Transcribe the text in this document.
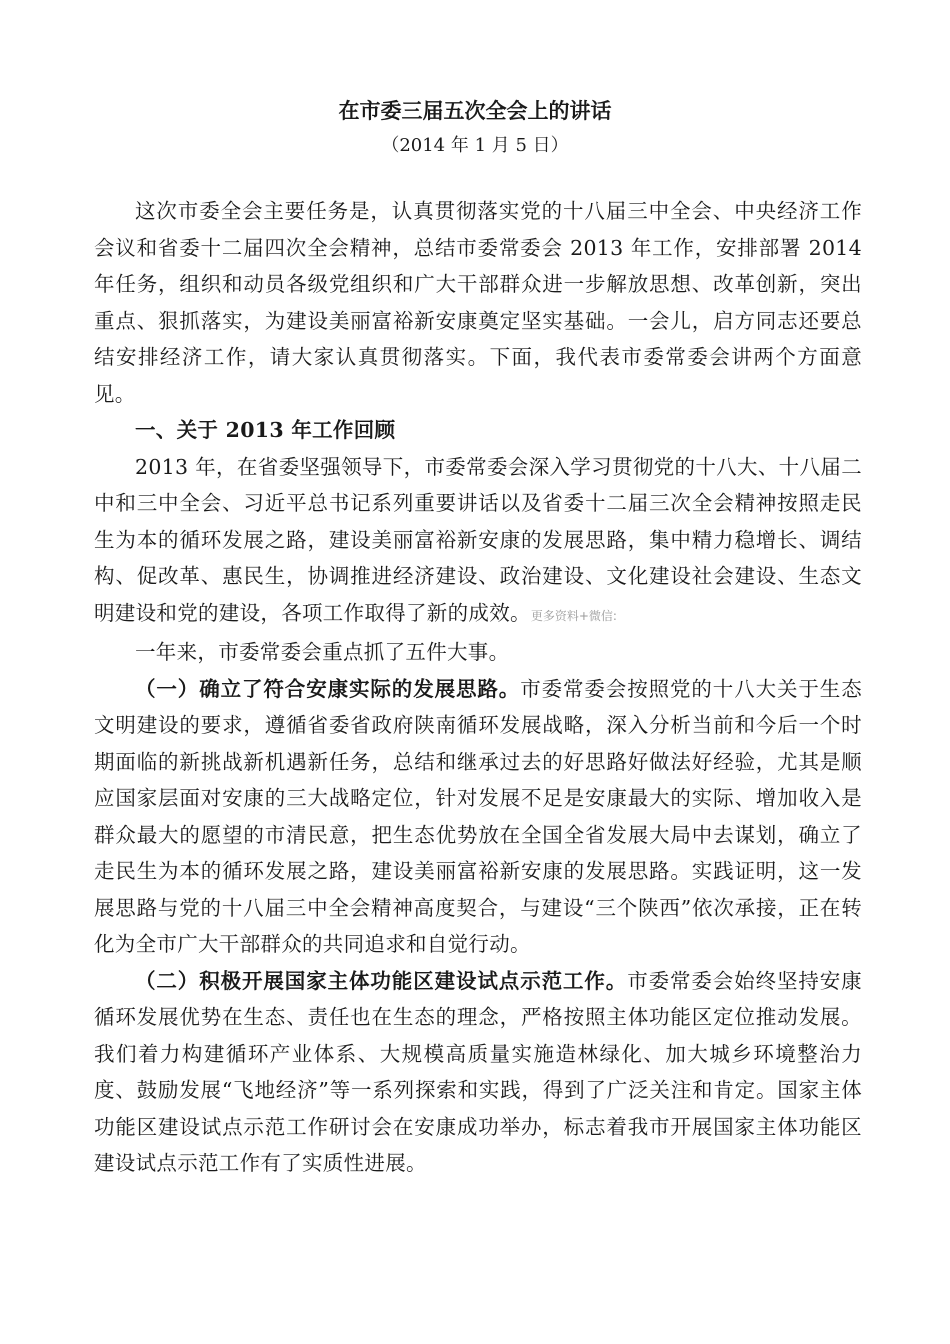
在市委三届五次全会上的讲话
（2014 年 1 月 5 日）

这次市委全会主要任务是，认真贯彻落实党的十八届三中全会、中央经济工作会议和省委十二届四次全会精神，总结市委常委会 2013 年工作，安排部署 2014 年任务，组织和动员各级党组织和广大干部群众进一步解放思想、改革创新，突出重点、狠抓落实，为建设美丽富裕新安康奠定坚实基础。一会儿，启方同志还要总结安排经济工作，请大家认真贯彻落实。下面，我代表市委常委会讲两个方面意见。

一、关于 2013 年工作回顾

2013 年，在省委坚强领导下，市委常委会深入学习贯彻党的十八大、十八届二中和三中全会、习近平总书记系列重要讲话以及省委十二届三次全会精神按照走民生为本的循环发展之路，建设美丽富裕新安康的发展思路，集中精力稳增长、调结构、促改革、惠民生，协调推进经济建设、政治建设、文化建设社会建设、生态文明建设和党的建设，各项工作取得了新的成效。更多资料+微信:

一年来，市委常委会重点抓了五件大事。

（一）确立了符合安康实际的发展思路。市委常委会按照党的十八大关于生态文明建设的要求，遵循省委省政府陕南循环发展战略，深入分析当前和今后一个时期面临的新挑战新机遇新任务，总结和继承过去的好思路好做法好经验，尤其是顺应国家层面对安康的三大战略定位，针对发展不足是安康最大的实际、增加收入是群众最大的愿望的市清民意，把生态优势放在全国全省发展大局中去谋划，确立了走民生为本的循环发展之路，建设美丽富裕新安康的发展思路。实践证明，这一发展思路与党的十八届三中全会精神高度契合，与建设“三个陕西”依次承接，正在转化为全市广大干部群众的共同追求和自觉行动。

（二）积极开展国家主体功能区建设试点示范工作。市委常委会始终坚持安康循环发展优势在生态、责任也在生态的理念，严格按照主体功能区定位推动发展。我们着力构建循环产业体系、大规模高质量实施造林绿化、加大城乡环境整治力度、鼓励发展“飞地经济”等一系列探索和实践，得到了广泛关注和肯定。国家主体功能区建设试点示范工作研讨会在安康成功举办，标志着我市开展国家主体功能区建设试点示范工作有了实质性进展。
